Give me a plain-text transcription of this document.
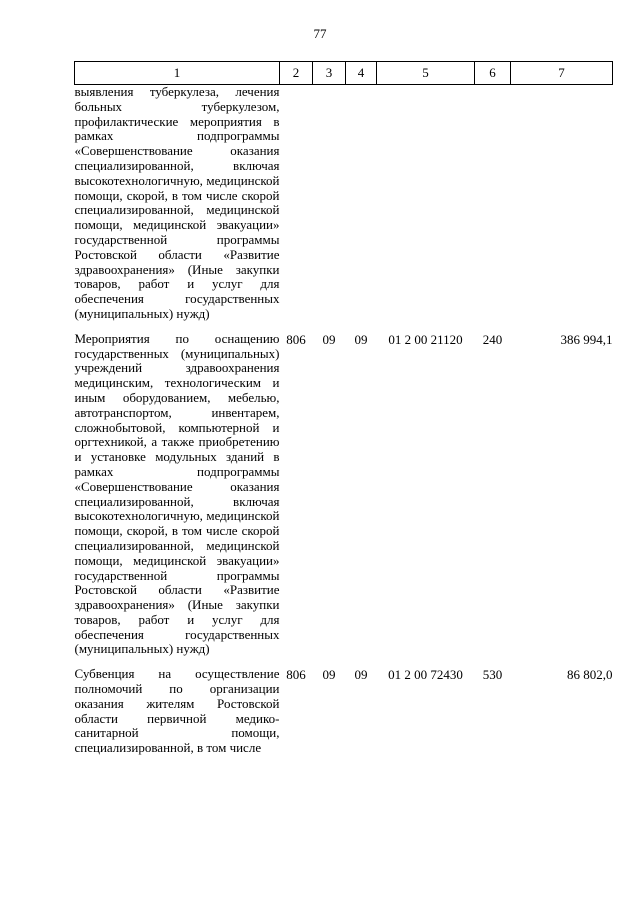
77
1	2	3	4	5	6	7
выявления туберкулеза, лечения больных туберкулезом, профилактические мероприятия в рамках подпрограммы «Совершенствование оказания специализированной, включая высокотехнологичную, медицинской помощи, скорой, в том числе скорой специализированной, медицинской помощи, медицинской эвакуации» государственной программы Ростовской области «Развитие здравоохранения» (Иные закупки товаров, работ и услуг для обеспечения государственных (муниципальных) нужд)						

Мероприятия по оснащению государственных (муниципальных) учреждений здравоохранения медицинским, технологическим и иным оборудованием, мебелью, автотранспортом, инвентарем, сложнобытовой, компьютерной и оргтехникой, а также приобретению и установке модульных зданий в рамках подпрограммы «Совершенствование оказания специализированной, включая высокотехнологичную, медицинской помощи, скорой, в том числе скорой специализированной, медицинской помощи, медицинской эвакуации» государственной программы Ростовской области «Развитие здравоохранения» (Иные закупки товаров, работ и услуг для обеспечения государственных (муниципальных) нужд)	806	09	09	01 2 00 21120	240	386 994,1

Субвенция на осуществление полномочий по организации оказания жителям Ростовской области первичной медико-санитарной помощи, специализированной, в том числе	806	09	09	01 2 00 72430	530	86 802,0
